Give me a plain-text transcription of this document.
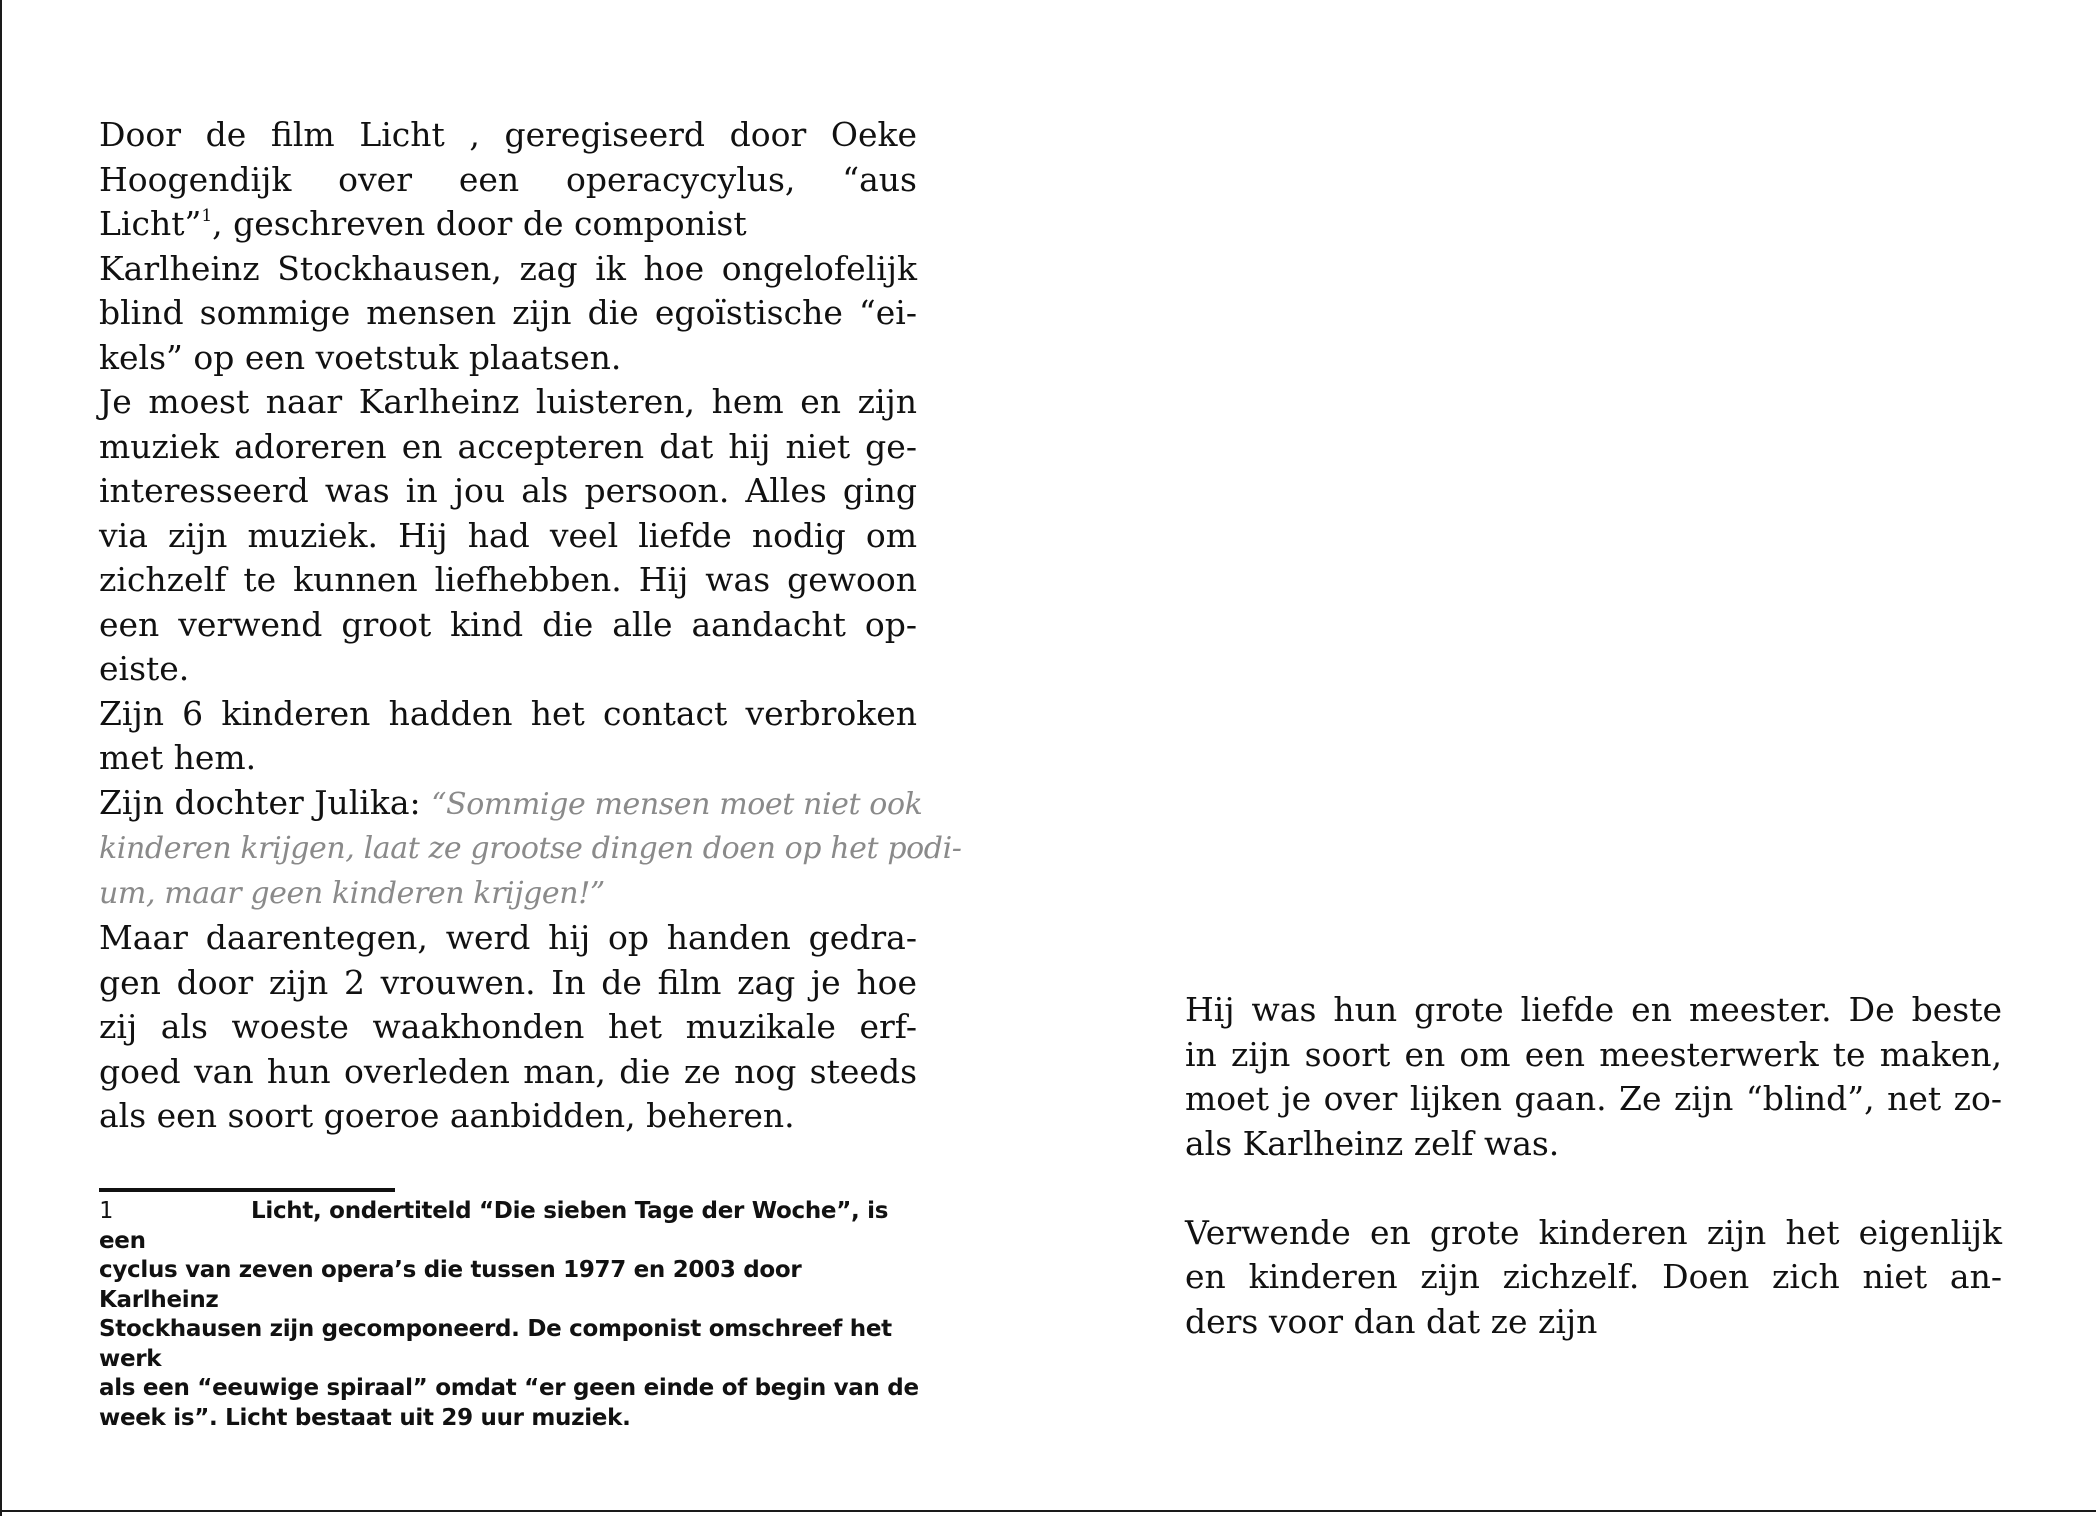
Door de film Licht , geregiseerd door Oeke
Hoogendijk over een operacycylus, “aus
Licht”$^1$, geschreven door de componist
Karlheinz Stockhausen, zag ik hoe ongelofelijk
blind sommige mensen zijn die egoïstische “ei-
kels” op een voetstuk plaatsen.

Je moest naar Karlheinz luisteren, hem en zijn
muziek adoreren en accepteren dat hij niet ge-
interesseerd was in jou als persoon. Alles ging
via zijn muziek. Hij had veel liefde nodig om
zichzelf te kunnen liefhebben. Hij was gewoon
een verwend groot kind die alle aandacht op-
eiste.

Zijn 6 kinderen hadden het contact verbroken
met hem.

Zijn dochter Julika: “Sommige mensen moet niet ook
kinderen krijgen, laat ze grootse dingen doen op het podi-
um, maar geen kinderen krijgen!”

Maar daarentegen, werd hij op handen gedra-
gen door zijn 2 vrouwen. In de film zag je hoe
zij als woeste waakhonden het muzikale erf-
goed van hun overleden man, die ze nog steeds
als een soort goeroe aanbidden, beheren.

1	Licht, ondertiteld “Die sieben Tage der Woche”, is een
cyclus van zeven opera’s die tussen 1977 en 2003 door Karlheinz
Stockhausen zijn gecomponeerd. De componist omschreef het werk
als een “eeuwige spiraal” omdat “er geen einde of begin van de
week is”. Licht bestaat uit 29 uur muziek.

Hij was hun grote liefde en meester. De beste
in zijn soort en om een meesterwerk te maken,
moet je over lijken gaan. Ze zijn “blind”, net zo-
als Karlheinz zelf was.

Verwende en grote kinderen zijn het eigenlijk
en kinderen zijn zichzelf. Doen zich niet an-
ders voor dan dat ze zijn
